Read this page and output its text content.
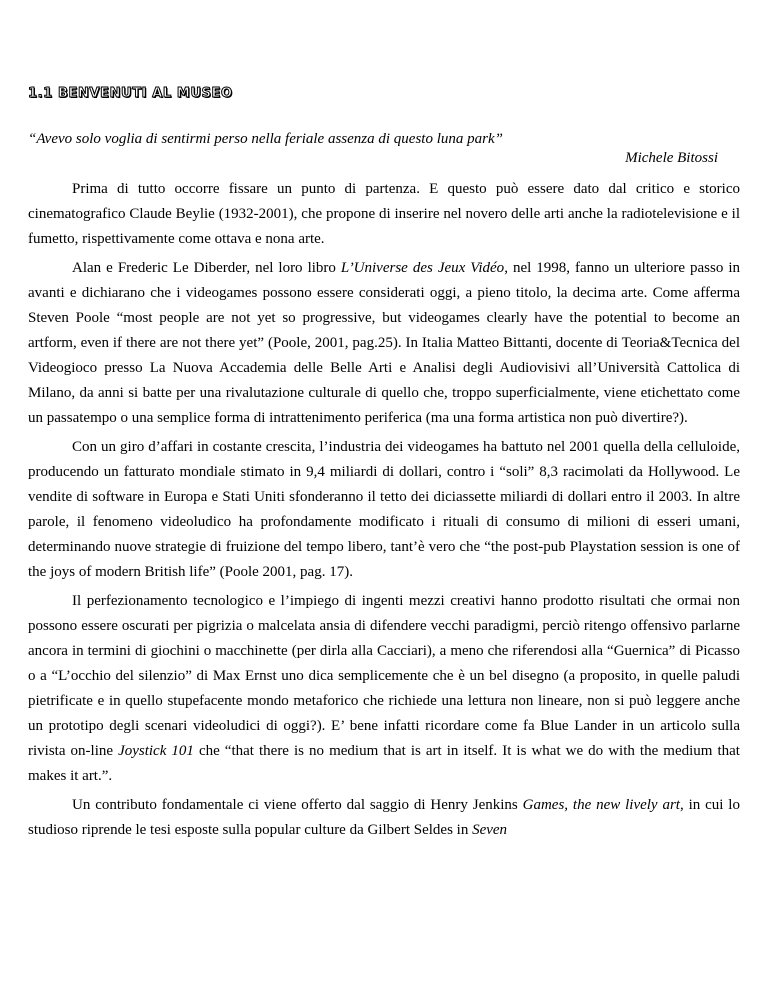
1.1 BENVENUTI AL MUSEO
“Avevo solo voglia di sentirmi perso nella feriale assenza di questo luna park”
Michele Bitossi

Prima di tutto occorre fissare un punto di partenza. E questo può essere dato dal critico e storico cinematografico Claude Beylie (1932-2001), che propone di inserire nel novero delle arti anche la radiotelevisione e il fumetto, rispettivamente come ottava e nona arte.

Alan e Frederic Le Diberder, nel loro libro L’Universe des Jeux Vidéo, nel 1998, fanno un ulteriore passo in avanti e dichiarano che i videogames possono essere considerati oggi, a pieno titolo, la decima arte. Come afferma Steven Poole “most people are not yet so progressive, but videogames clearly have the potential to become an artform, even if there are not there yet” (Poole, 2001, pag.25). In Italia Matteo Bittanti, docente di Teoria&Tecnica del Videogioco presso La Nuova Accademia delle Belle Arti e Analisi degli Audiovisivi all’Università Cattolica di Milano, da anni si batte per una rivalutazione culturale di quello che, troppo superficialmente, viene etichettato come un passatempo o una semplice forma di intrattenimento periferica (ma una forma artistica non può divertire?).

Con un giro d’affari in costante crescita, l’industria dei videogames ha battuto nel 2001 quella della celluloide, producendo un fatturato mondiale stimato in 9,4 miliardi di dollari, contro i “soli” 8,3 racimolati da Hollywood. Le vendite di software in Europa e Stati Uniti sfonderanno il tetto dei diciassette miliardi di dollari entro il 2003. In altre parole, il fenomeno videoludico ha profondamente modificato i rituali di consumo di milioni di esseri umani, determinando nuove strategie di fruizione del tempo libero, tant’è vero che “the post-pub Playstation session is one of the joys of modern British life” (Poole 2001, pag. 17).

Il perfezionamento tecnologico e l’impiego di ingenti mezzi creativi hanno prodotto risultati che ormai non possono essere oscurati per pigrizia o malcelata ansia di difendere vecchi paradigmi, perciò ritengo offensivo parlarne ancora in termini di giochini o macchinette (per dirla alla Cacciari), a meno che riferendosi alla “Guernica” di Picasso o a “L’occhio del silenzio” di Max Ernst uno dica semplicemente che è un bel disegno (a proposito, in quelle paludi pietrificate e in quello stupefacente mondo metaforico che richiede una lettura non lineare, non si può leggere anche un prototipo degli scenari videoludici di oggi?). E’ bene infatti ricordare come fa Blue Lander in un articolo sulla rivista on-line Joystick 101 che “that there is no medium that is art in itself. It is what we do with the medium that makes it art.”.

Un contributo fondamentale ci viene offerto dal saggio di Henry Jenkins Games, the new lively art, in cui lo studioso riprende le tesi esposte sulla popular culture da Gilbert Seldes in Seven
